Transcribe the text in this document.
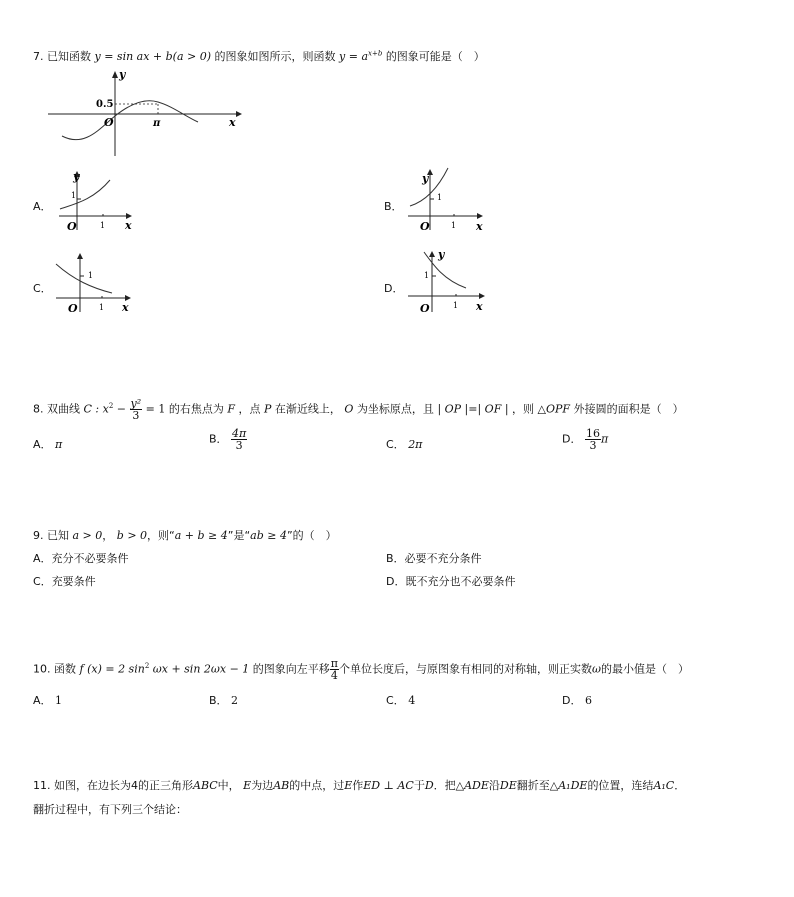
7. 已知函数 y = sin ax + b(a > 0) 的图象如图所示，则函数 $y = a^{x+b}$ 的图象可能是（　）
y
x
O
0.5
π
A．
y
x
O
1
1
B．
y
x
O
1
1
C．
1
x
O	1
y
D．
y
x
O
1
1
8. 双曲线 C : $x^2 - \frac{\text{y²}}{3} = 1$ 的右焦点为 F ，点 P 在渐近线上， O 为坐标原点，且 | OP |=| OF | ，则 △OPF 外接圆的面积是（　）
A． π	B． $\frac{4\pi}{3}$	C． 2π	D． $\frac{16}{3}$ π
9. 已知 a > 0， b > 0，则“a + b ≥ 4”是“ab ≥ 4”的（　）
A．充分不必要条件	B．必要不充分条件
C．充要条件	D．既不充分也不必要条件
10. 函数 f (x) = 2 $\sin^2 \omega x + \sin 2\omega x - 1$ 的图象向左平移 $\frac{\pi}{4}$ 个单位长度后，与原图象有相同的对称轴，则正实数ω的最小值是（　）
A． 1	B． 2	C． 4	D． 6
11. 如图，在边长为4的正三角形ABC中， E为边AB的中点，过E作ED ⊥ AC于D．把△ADE沿DE翻折至△A₁DE的位置，连结A₁C．
翻折过程中，有下列三个结论：
